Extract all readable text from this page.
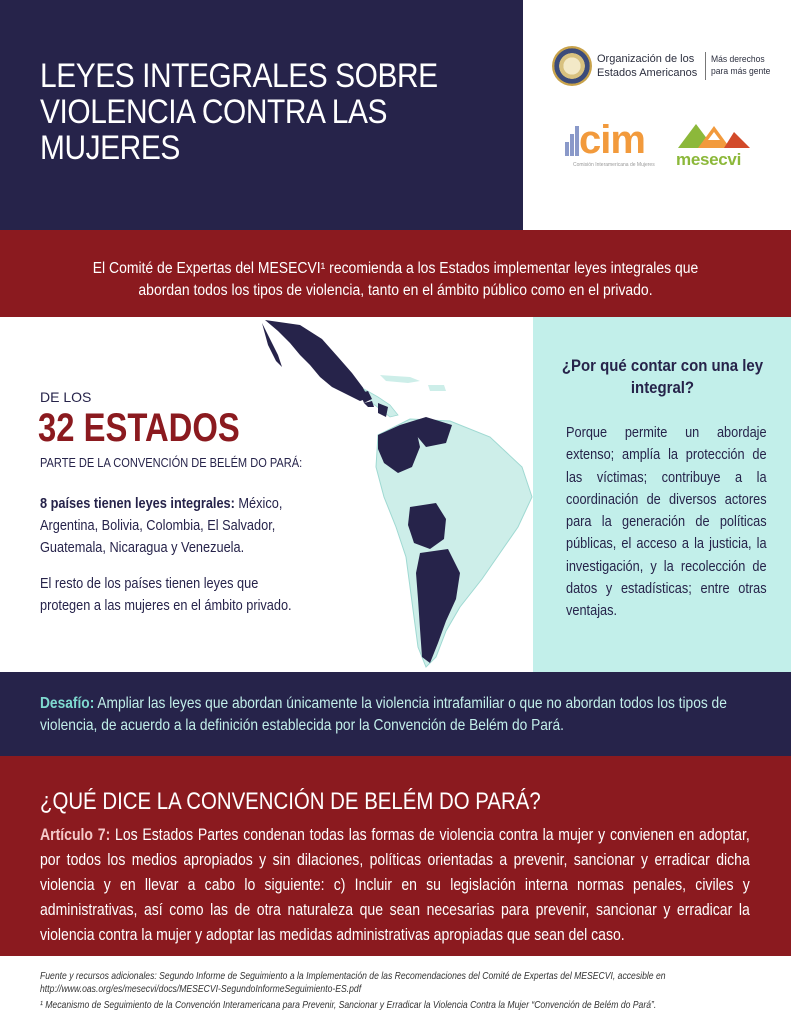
LEYES INTEGRALES SOBRE
VIOLENCIA CONTRA LAS
MUJERES
Organización de los
Estados Americanos
Más derechos
para más gente
cim
Comisión Interamericana de Mujeres mesecvi
El Comité de Expertas del MESECVI¹ recomienda a los Estados implementar leyes integrales que abordan todos los tipos de violencia, tanto en el ámbito público como en el privado.
¿Por qué contar con una ley integral?
Porque permite un abordaje extenso; amplía la protección de las víctimas; contribuye a la coordinación de diversos actores para la generación de políticas públicas, el acceso a la justicia, la investigación, y la recolección de datos y estadísticas; entre otras ventajas.
DE LOS
32 ESTADOS
PARTE DE LA CONVENCIÓN DE BELÉM DO PARÁ:
8 países tienen leyes integrales: México, Argentina, Bolivia, Colombia, El Salvador, Guatemala, Nicaragua y Venezuela.
El resto de los países tienen leyes que protegen a las mujeres en el ámbito privado.
Desafío: Ampliar las leyes que abordan únicamente la violencia intrafamiliar o que no abordan todos los tipos de violencia, de acuerdo a la definición establecida por la Convención de Belém do Pará.
¿QUÉ DICE LA CONVENCIÓN DE BELÉM DO PARÁ?
Artículo 7: Los Estados Partes condenan todas las formas de violencia contra la mujer y convienen en adoptar, por todos los medios apropiados y sin dilaciones, políticas orientadas a prevenir, sancionar y erradicar dicha violencia y en llevar a cabo lo siguiente: c) Incluir en su legislación interna normas penales, civiles y administrativas, así como las de otra naturaleza que sean necesarias para prevenir, sancionar y erradicar la violencia contra la mujer y adoptar las medidas administrativas apropiadas que sean del caso.

Fuente y recursos adicionales: Segundo Informe de Seguimiento a la Implementación de las Recomendaciones del Comité de Expertas del MESECVI, accesible en http://www.oas.org/es/mesecvi/docs/MESECVI-SegundoInformeSeguimiento-ES.pdf

¹ Mecanismo de Seguimiento de la Convención Interamericana para Prevenir, Sancionar y Erradicar la Violencia Contra la Mujer “Convención de Belém do Pará”.
